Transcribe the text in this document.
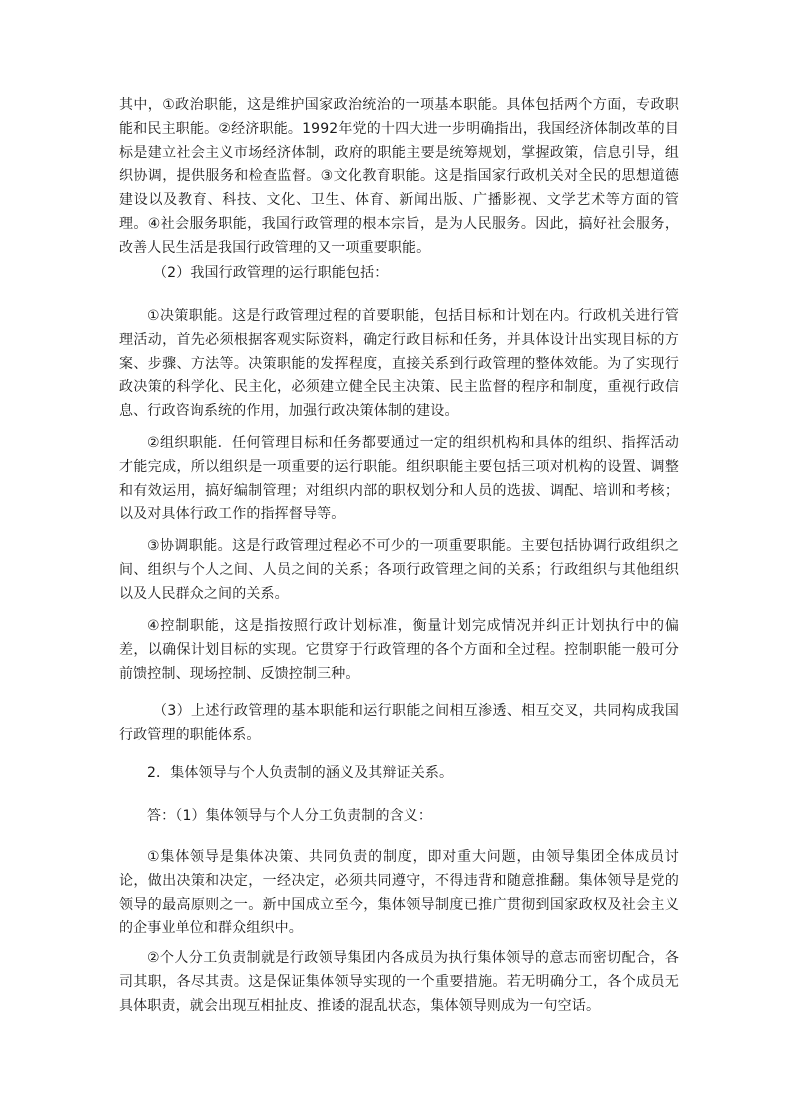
其中，①政治职能，这是维护国家政治统治的一项基本职能。具体包括两个方面，专政职能和民主职能。②经济职能。1992年党的十四大进一步明确指出，我国经济体制改革的目标是建立社会主义市场经济体制，政府的职能主要是统筹规划，掌握政策，信息引导，组织协调，提供服务和检查监督。③文化教育职能。这是指国家行政机关对全民的思想道德建设以及教育、科技、文化、卫生、体育、新闻出版、广播影视、文学艺术等方面的管理。④社会服务职能，我国行政管理的根本宗旨，是为人民服务。因此，搞好社会服务，改善人民生活是我国行政管理的又一项重要职能。

（2）我国行政管理的运行职能包括：

①决策职能。这是行政管理过程的首要职能，包括目标和计划在内。行政机关进行管理活动，首先必须根据客观实际资料，确定行政目标和任务，并具体设计出实现目标的方案、步骤、方法等。决策职能的发挥程度，直接关系到行政管理的整体效能。为了实现行政决策的科学化、民主化，必须建立健全民主决策、民主监督的程序和制度，重视行政信息、行政咨询系统的作用，加强行政决策体制的建设。

②组织职能．任何管理目标和任务都要通过一定的组织机构和具体的组织、指挥活动才能完成，所以组织是一项重要的运行职能。组织职能主要包括三项对机构的设置、调整和有效运用，搞好编制管理；对组织内部的职权划分和人员的选拔、调配、培训和考核；以及对具体行政工作的指挥督导等。

③协调职能。这是行政管理过程必不可少的一项重要职能。主要包括协调行政组织之间、组织与个人之间、人员之间的关系；各项行政管理之间的关系；行政组织与其他组织以及人民群众之间的关系。

④控制职能，这是指按照行政计划标准，衡量计划完成情况并纠正计划执行中的偏差，以确保计划目标的实现。它贯穿于行政管理的各个方面和全过程。控制职能一般可分前馈控制、现场控制、反馈控制三种。

（3）上述行政管理的基本职能和运行职能之间相互渗透、相互交叉，共同构成我国行政管理的职能体系。

2．集体领导与个人负责制的涵义及其辩证关系。

答：（1）集体领导与个人分工负责制的含义：

①集体领导是集体决策、共同负责的制度，即对重大问题，由领导集团全体成员讨论，做出决策和决定，一经决定，必须共同遵守，不得违背和随意推翻。集体领导是党的领导的最高原则之一。新中国成立至今，集体领导制度已推广贯彻到国家政权及社会主义的企事业单位和群众组织中。

②个人分工负责制就是行政领导集团内各成员为执行集体领导的意志而密切配合，各司其职，各尽其责。这是保证集体领导实现的一个重要措施。若无明确分工，各个成员无具体职责，就会出现互相扯皮、推诿的混乱状态，集体领导则成为一句空话。
